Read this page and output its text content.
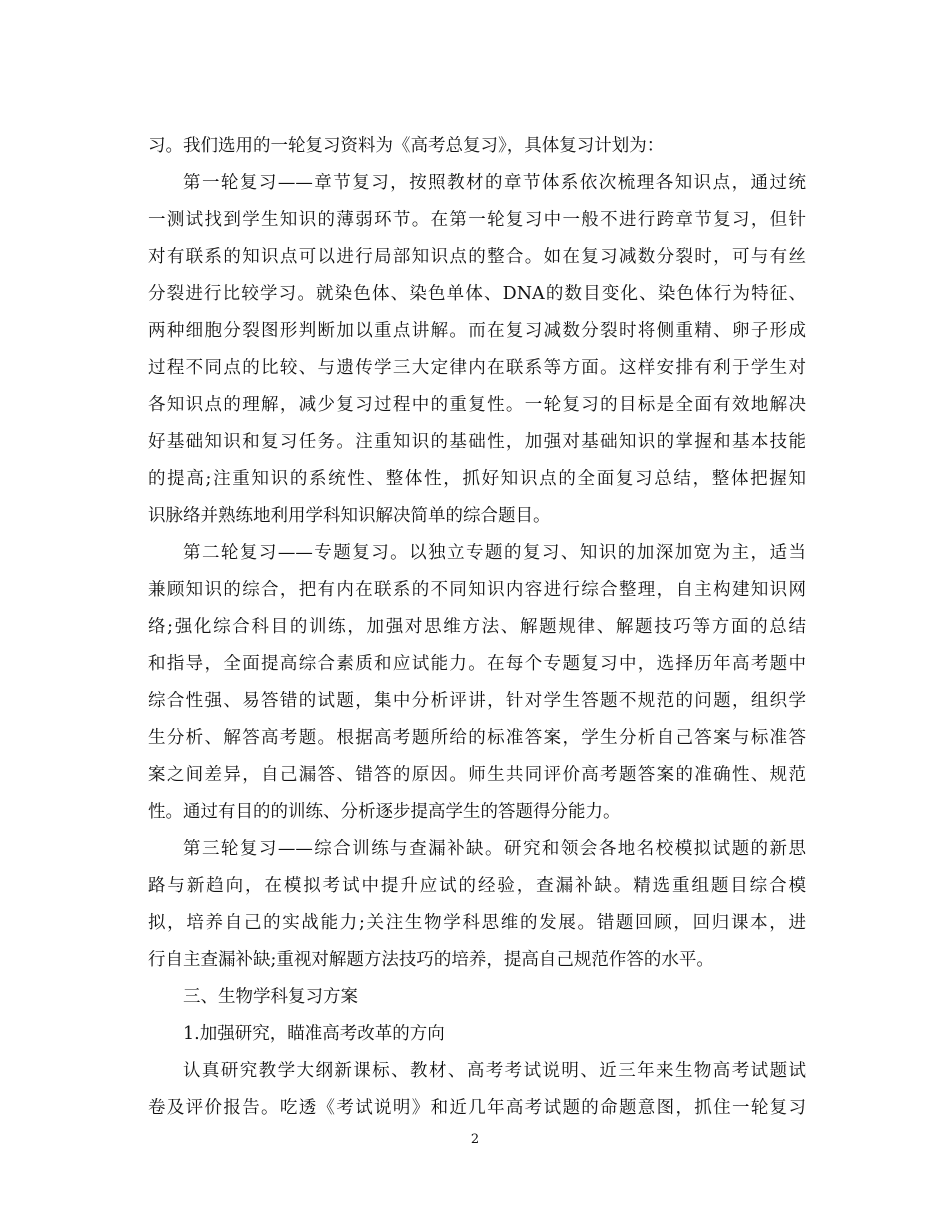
习。我们选用的一轮复习资料为《高考总复习》，具体复习计划为：
第一轮复习——章节复习，按照教材的章节体系依次梳理各知识点，通过统
一测试找到学生知识的薄弱环节。在第一轮复习中一般不进行跨章节复习，但针
对有联系的知识点可以进行局部知识点的整合。如在复习减数分裂时，可与有丝
分裂进行比较学习。就染色体、染色单体、DNA的数目变化、染色体行为特征、
两种细胞分裂图形判断加以重点讲解。而在复习减数分裂时将侧重精、卵子形成
过程不同点的比较、与遗传学三大定律内在联系等方面。这样安排有利于学生对
各知识点的理解，减少复习过程中的重复性。一轮复习的目标是全面有效地解决
好基础知识和复习任务。注重知识的基础性，加强对基础知识的掌握和基本技能
的提高;注重知识的系统性、整体性，抓好知识点的全面复习总结，整体把握知
识脉络并熟练地利用学科知识解决简单的综合题目。
第二轮复习——专题复习。以独立专题的复习、知识的加深加宽为主，适当
兼顾知识的综合，把有内在联系的不同知识内容进行综合整理，自主构建知识网
络;强化综合科目的训练，加强对思维方法、解题规律、解题技巧等方面的总结
和指导，全面提高综合素质和应试能力。在每个专题复习中，选择历年高考题中
综合性强、易答错的试题，集中分析评讲，针对学生答题不规范的问题，组织学
生分析、解答高考题。根据高考题所给的标准答案，学生分析自己答案与标准答
案之间差异，自己漏答、错答的原因。师生共同评价高考题答案的准确性、规范
性。通过有目的的训练、分析逐步提高学生的答题得分能力。
第三轮复习——综合训练与查漏补缺。研究和领会各地名校模拟试题的新思
路与新趋向，在模拟考试中提升应试的经验，查漏补缺。精选重组题目综合模
拟，培养自己的实战能力;关注生物学科思维的发展。错题回顾，回归课本，进
行自主查漏补缺;重视对解题方法技巧的培养，提高自己规范作答的水平。
三、生物学科复习方案
1.加强研究，瞄准高考改革的方向
认真研究教学大纲新课标、教材、高考考试说明、近三年来生物高考试题试
卷及评价报告。吃透《考试说明》和近几年高考试题的命题意图，抓住一轮复习
2
